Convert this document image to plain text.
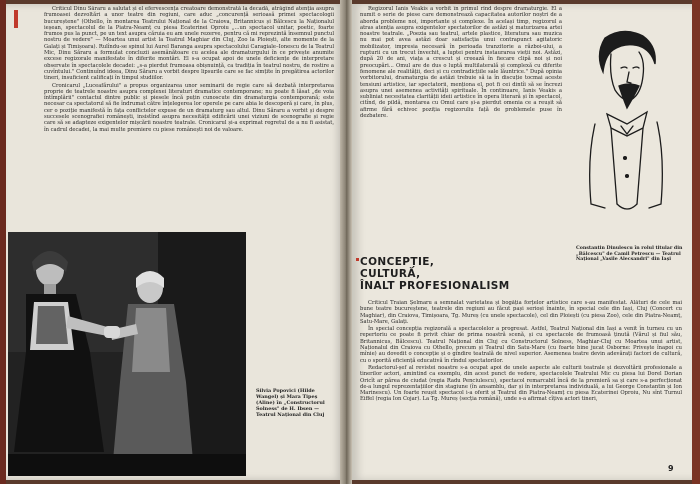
Criticul Dinu Săraru a salutat și el efervescența creatoare demonstrată la decadă, atrăgînd atenția asupra frumoasei dezvoltări a unor teatre din regiuni, care aduc „concurență serioasă primei spectacologii bucureștene" (Othello, în montarea Teatrului Național de la Craiova, Britannicus și Bălcescu la Naționalul ieșean, spectacolul de la Piatra-Neamț cu piesa Ecaterinei Oproiu „...un spectacol unitar, poetic, foarte frumos pus la punct, pe un text asupra căruia eu am unele rezerve, pentru că mi reprezintă însemnul punctul nostru de vedere" — Moartea unui artist la Teatrul Maghiar din Cluj, Zoo la Ploiești, alte momente de la Galați și Timișoara). Rulîndu-se spinul lui Aurel Baranga asupra spectacolului Caragiale–Ionescu de la Teatrul Mic, Dinu Săraru a formulat concluzii asemănătoare cu acelea ale dramaturgului în ce privește anumite excese regizorale manifestate în diferite montări. El s-a ocupat apoi de unele deficiențe de interpretare observate în spectacolele decadei: „s-a pierdut frumoasa obișnuință, ca tradiția în teatrul nostru, de rostire a cuvîntului." Continuînd ideea, Dinu Săraru a vorbit despre lipsurile care se fac simțite în pregătirea actorilor tineri, insuficient calificați în timpul studiilor.

Cronicarul „Luceafărului" a propus organizarea unor seminarii de regie care să dezbată interpretarea proprie de teatrele noastre asupra complexei literaturi dramatice contemporane; nu poate fi lăsat „de voia întîmplării" contactul dintre public și piesele încă puțin cunoscute din dramaturgia contemporană; este necesar ca spectatorul să fie îndrumat către înțelegerea lor operele pe care abia le descoperă și care, în plus, cer o poziție manifestă în fața conflictelor expuse de un dramaturg sau altul. Dinu Săraru a vorbit și despre succesele scenografiei românești, insistînd asupra necesității edificării unei viziuni de scenografie și regie care să se adapteze exigentelor mișcării noastre teatrale. Cronicarul și-a exprimat regretul de a nu fi asistat, în cadrul decadei, la mai multe premiere cu piese românești noi de valoare.

Silvia Popovici (Hilde Wangel) și Mara Tipeș (Aline) în „Constructorul Solness" de H. Ibsen — Teatrul Național din Cluj

Regizorul Ianis Veakis a vorbit în primul rînd despre dramaturgie. El a numit o serie de piese care demonstrează capacitatea autorilor noștri de a aborda probleme noi, importante și complexe. În același timp, regizorul a atras atenția asupra exigentelor spectatorilor de astăzi și maturizarea artei noastre teatrale. „Poezia sau teatrul, artele plastice, literatura sau muzica nu mai pot avea astăzi doar satisfacția unui contrapunct agitatoric mobilizator, impresia necesară în perioada tranzitorie a război-ului, a rupturii cu un trecut învechit, a luptei pentru instaurarea vieții noi. Astăzi, după 20 de ani, viața a crescut și creează în fiecare clipă noi și noi preocupări... Omul are de dus o luptă multilaterală și complexă cu diferite fenomene ale realității, deci și cu contradicțiile sale lăuntrice." După opinia vorbitorului, dramaturgia de astăzi trebuie să ia în discuție tocmai aceste tensiuni artistice, iar spectatorii, menționa el, pot fi cei dintîi să se încrezi asupra unei asemenea activități spirituale. În continuare, Ianis Veakis a subliniat necesitatea clarității ideii artistice în opera literară și în spectacol, citînd, de pildă, montarea cu Omul care și-a pierdut omenia ce a reușit să afirme fără echivoc poziția regizoruliu față de problemele puse în dezbatere.

Constantin Dinulescu în rolul titular din „Bălcescu" de Camil Petrescu — Teatrul Național „Vasile Alecsandri" din Iași
CONCEPȚIE,
CULTURĂ,
ÎNALT PROFESIONALISM

Criticul Traian Șelmaru a semnalat varietatea și bogăția forțelor artistice care s-au manifestat. Alături de cele mai bune teatre bucureștene, teatrele din regiuni au făcut pași serioși înainte, în special cele din Iași, Cluj (Concert cu Maghiar), din Craiova, Timișoara, Tg. Mureș (cu unele spectacole), cel din Ploiești (cu piesa Zoo), cele din Piatra-Neamț, Satu-Mare, Galați.

În special concepția regizorală a spectacolelor a progresat. Astfel, Teatrul Național din Iași a venit în turneu cu un repertoriu ce poate fi privit chiar de prima noastră scenă, și cu spectacole de frumoasă ținută (Vărul și fiul său, Britannicus, Bălcescu). Teatrul Național din Cluj cu Constructorul Solness, Maghiar-Cluj cu Moartea unui artist, Naționalul din Craiova cu Othello, precum și Teatrul din Satu-Mare (cu foarte bine jucat Osborne: Privește înapoi cu mînie) au dovedit o concepție și o gîndire teatrală de nivel superior. Asemenea teatre devin adevărați factori de cultură, cu o sporită eficiență educativă în rîndul spectatorilor.

Redactorul-șef al revistei noastre s-a ocupat apoi de unele aspecte ale culturii teatrale și dezvoltării profesionale a tinerilor actori, amintind ca exemplu, din acest punct de vedere, spectacolele Teatrului Mic cu piesa lui Dorel Dorian Oricît ar părea de ciudat (regia Radu Penciulescu), spectacol remarcabil încă de la premieră sa și care s-a perfecționat de-a lungul reprezentațiilor din stagiune (în ansamblu, dar și în interpretarea individuală, a lui George Constantin și Ion Marinescu). Un foarte reușit spectacol i-a oferit și Teatrul din Piatra-Neamț cu piesa Ecaterinei Oproiu, Nu sînt Turnul Eiffel (regia Ion Cojar). La Tg. Mureș (secția română), unde s-a afirmat cîțiva actori tineri,

9
